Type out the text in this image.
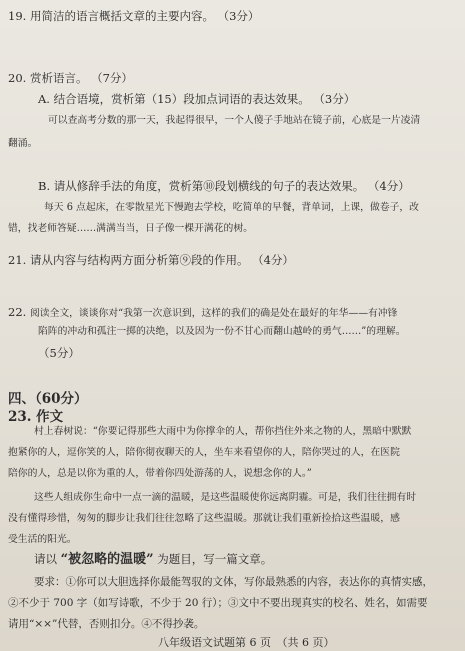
19. 用简洁的语言概括文章的主要内容。 （3分）
20. 赏析语言。 （7分）
A. 结合语境，赏析第（15）段加点词语的表达效果。 （3分）
可以查高考分数的那一天，我起得很早，一个人傻子手地站在镜子前，心底是一片凌清
翻涌。
B. 请从修辞手法的角度，赏析第⑩段划横线的句子的表达效果。 （4分）
每天 6 点起床，在零散星光下慢跑去学校，吃简单的早餐，背单词，上课，做卷子，改
错，找老师答疑……满满当当，日子像一棵开满花的树。
21. 请从内容与结构两方面分析第⑨段的作用。 （4分）
22. 阅读全文，谈谈你对“我第一次意识到，这样的我们的确是处在最好的年华——有冲锋
陷阵的冲动和孤注一掷的决绝，以及因为一份不甘心而翻山越岭的勇气……”的理解。
（5分）
四、（60分）
23. 作文
村上春树说：“你要记得那些大雨中为你撑伞的人，帮你挡住外来之物的人，黑暗中默默
抱紧你的人，逗你笑的人，陪你彻夜聊天的人，坐车来看望你的人，陪你哭过的人，在医院
陪你的人，总是以你为重的人，带着你四处游荡的人，说想念你的人。”
这些人组成你生命中一点一滴的温暖，是这些温暖使你远离阴霾。可是，我们往往拥有时
没有懂得珍惜，匆匆的脚步让我们往往忽略了这些温暖。那就让我们重新捡拾这些温暖，感
受生活的阳光。
请以 “被忽略的温暖” 为题目，写一篇文章。
要求：①你可以大胆选择你最能驾驭的文体，写你最熟悉的内容，表达你的真情实感，
②不少于 700 字（如写诗歌，不少于 20 行）；③文中不要出现真实的校名、姓名，如需要
请用“××”代替，否则扣分。④不得抄袭。
八年级语文试题第 6 页　（共 6 页）
